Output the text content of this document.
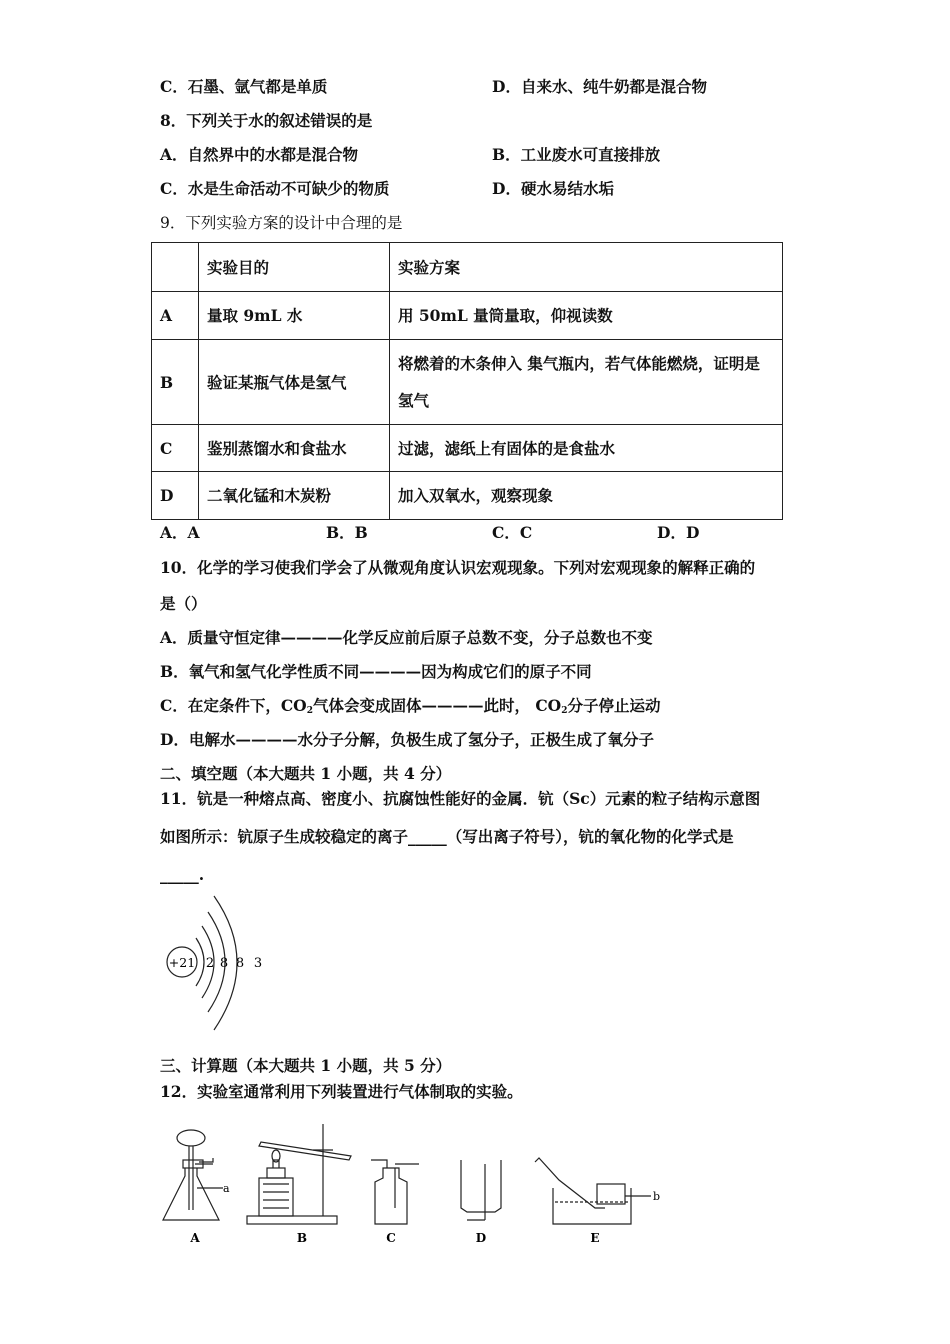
C．石墨、氩气都是单质	D．自来水、纯牛奶都是混合物
8．下列关于水的叙述错误的是
A．自然界中的水都是混合物	B．工业废水可直接排放
C．水是生命活动不可缺少的物质	D．硬水易结水垢
9．下列实验方案的设计中合理的是
	实验目的	实验方案
A	量取 9mL 水	用 50mL 量筒量取，仰视读数
B	验证某瓶气体是氢气	将燃着的木条伸入 集气瓶内，若气体能燃烧，证明是氢气
C	鉴别蒸馏水和食盐水	过滤，滤纸上有固体的是食盐水
D	二氧化锰和木炭粉	加入双氧水，观察现象
A．A	B．B	C．C	D．D
10．化学的学习使我们学会了从微观角度认识宏观现象。下列对宏观现象的解释正确的
是（）
A．质量守恒定律————化学反应前后原子总数不变，分子总数也不变
B．氧气和氢气化学性质不同————因为构成它们的原子不同
C．在定条件下，$CO_2$气体会变成固体————此时， $CO_2$分子停止运动
D．电解水————水分子分解，负极生成了氢分子，正极生成了氧分子
二、填空题（本大题共 1 小题，共 4 分）
11．钪是一种熔点高、密度小、抗腐蚀性能好的金属．钪（Sc）元素的粒子结构示意图
如图所示：钪原子生成较稳定的离子_____（写出离子符号），钪的氧化物的化学式是
_____.
+21 2 8 8 3
三、计算题（本大题共 1 小题，共 5 分）
12．实验室通常利用下列装置进行气体制取的实验。
a
A	B	C	D
b
E
